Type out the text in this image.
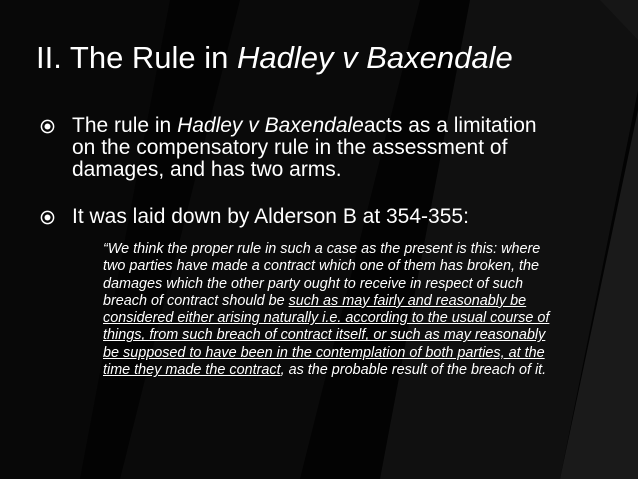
II. The Rule in Hadley v Baxendale
The rule in Hadley v Baxendaleacts as a limitation on the compensatory rule in the assessment of damages, and has two arms.
It was laid down by Alderson B at 354-355:
“We think the proper rule in such a case as the present is this: where two parties have made a contract which one of them has broken, the damages which the other party ought to receive in respect of such breach of contract should be such as may fairly and reasonably be considered either arising naturally i.e. according to the usual course of things, from such breach of contract itself, or such as may reasonably be supposed to have been in the contemplation of both parties, at the time they made the contract, as the probable result of the breach of it.
